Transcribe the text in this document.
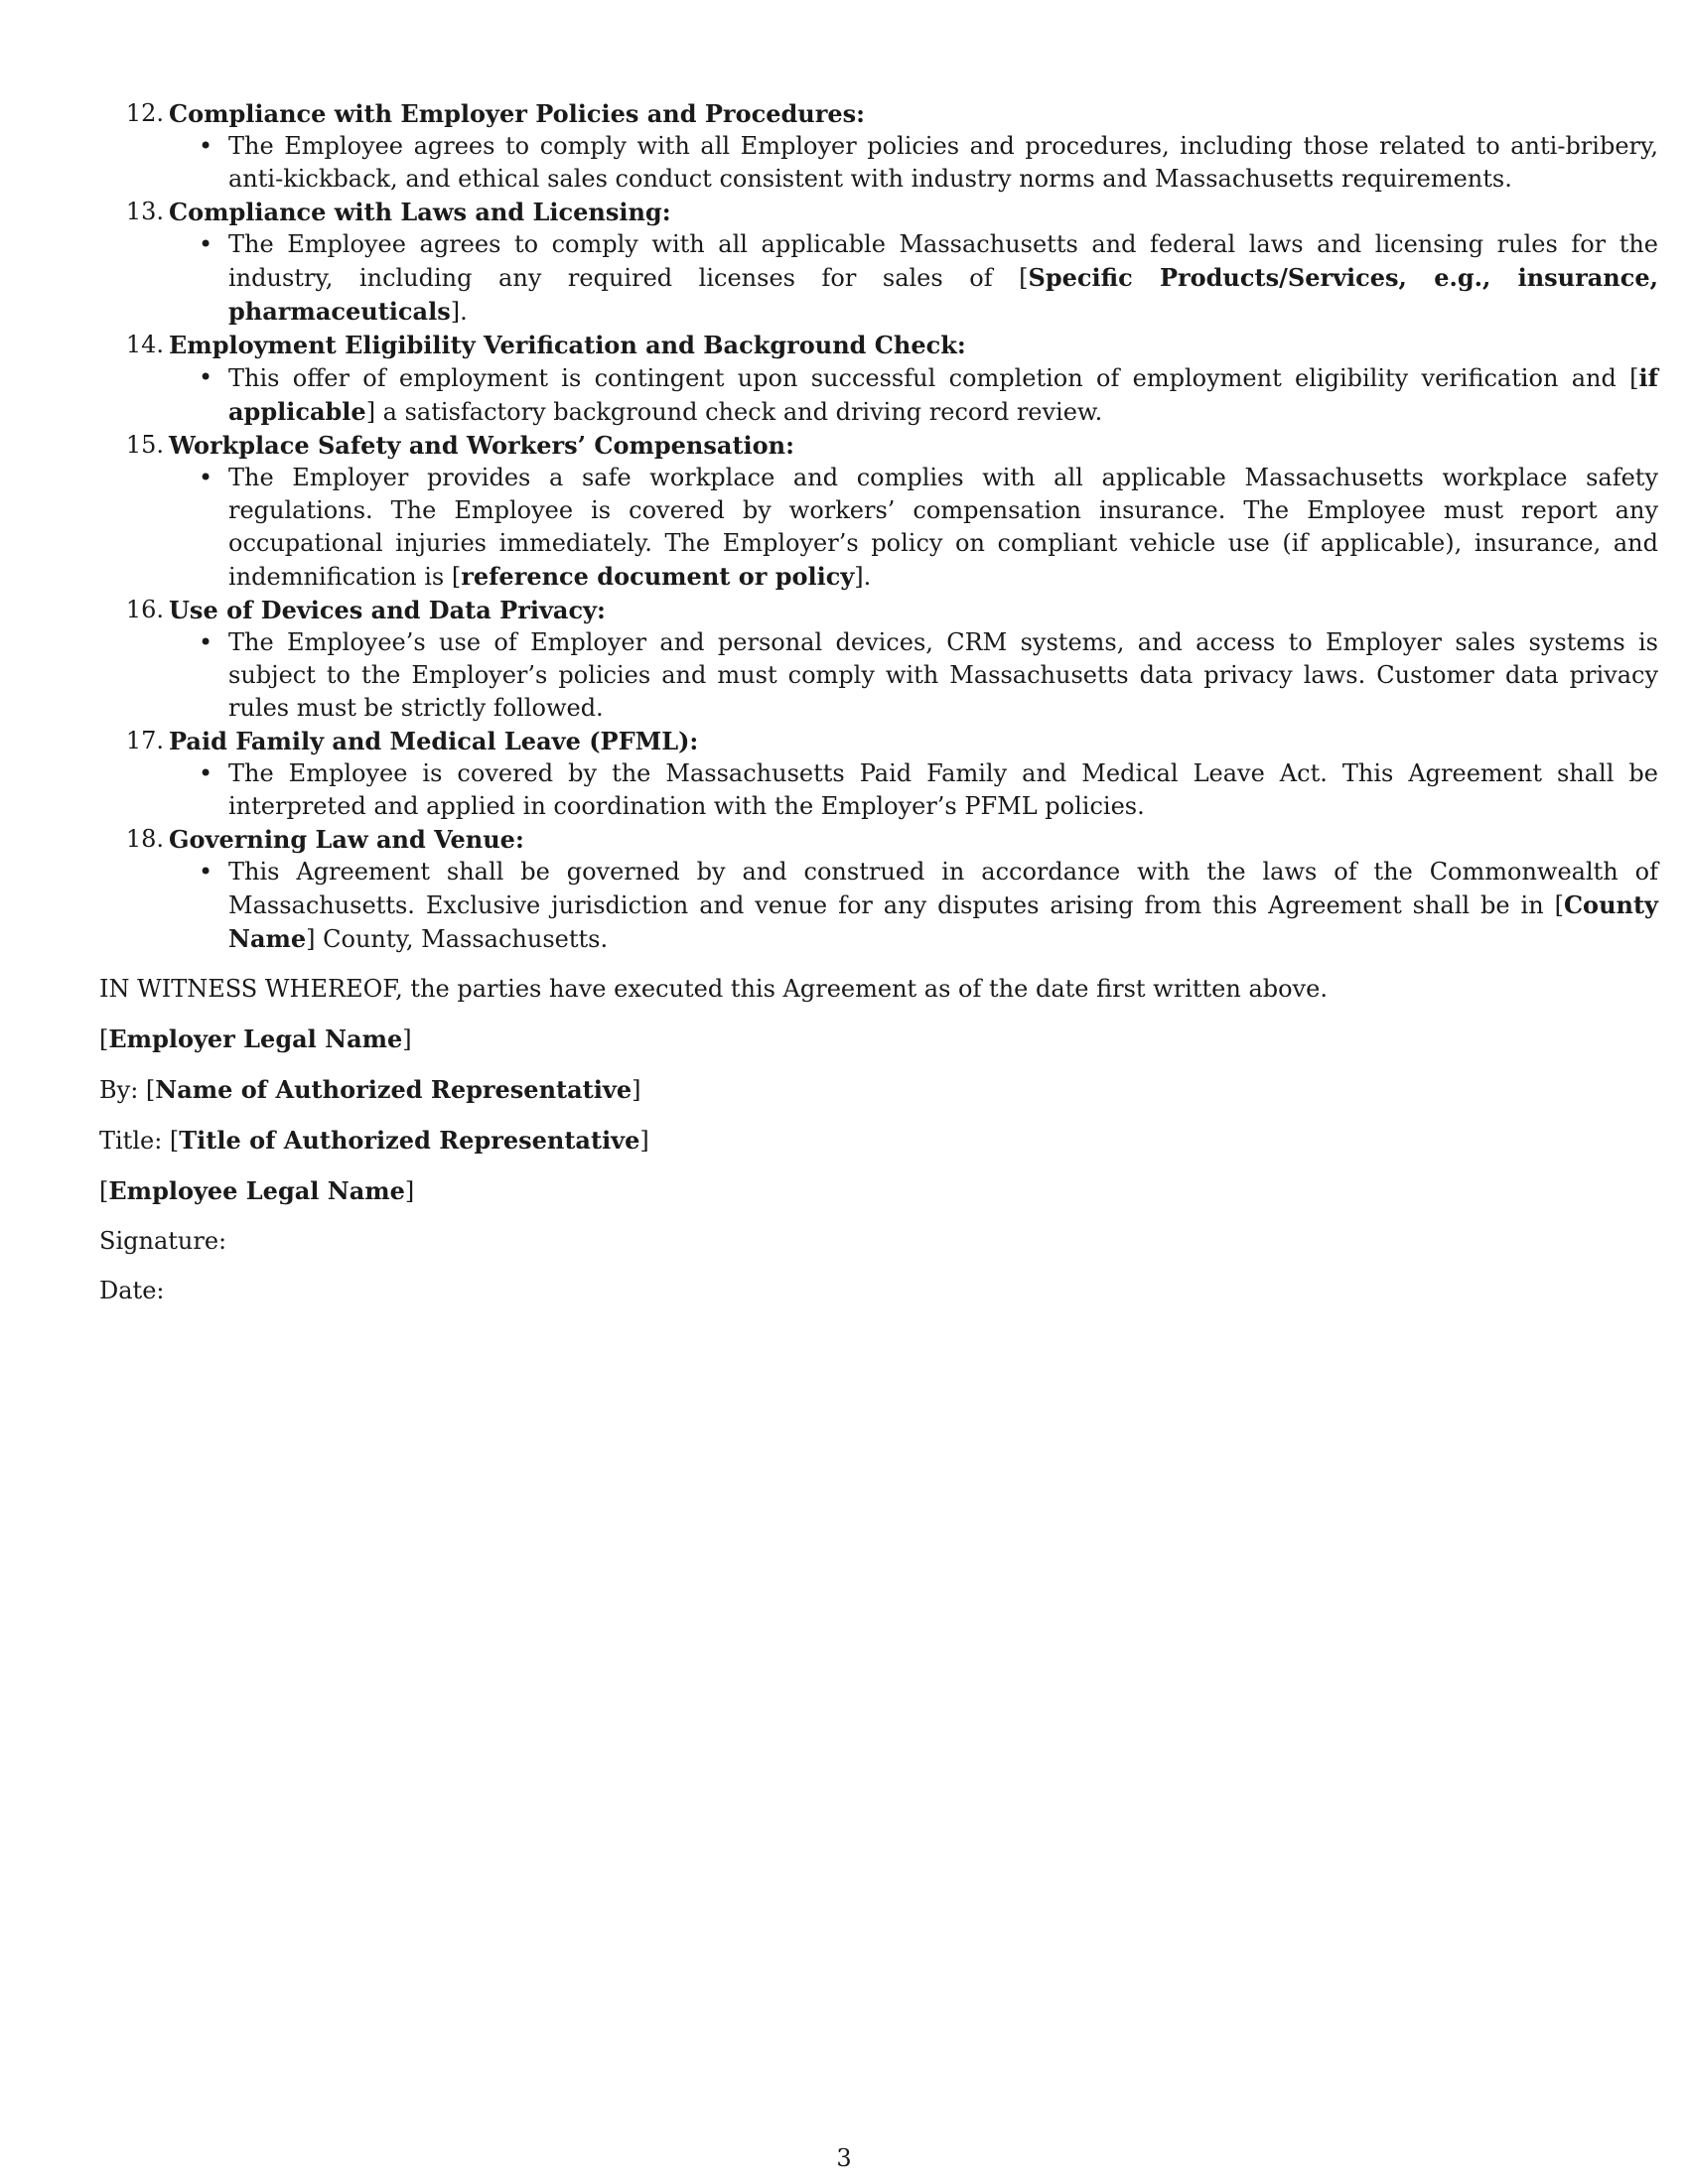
12. Compliance with Employer Policies and Procedures:
• The Employee agrees to comply with all Employer policies and procedures, including those related to anti-bribery, anti-kickback, and ethical sales conduct consistent with industry norms and Massachusetts requirements.
13. Compliance with Laws and Licensing:
• The Employee agrees to comply with all applicable Massachusetts and federal laws and licensing rules for the industry, including any required licenses for sales of [Specific Products/Services, e.g., insurance, pharmaceuticals].
14. Employment Eligibility Verification and Background Check:
• This offer of employment is contingent upon successful completion of employment eligibility verification and [if applicable] a satisfactory background check and driving record review.
15. Workplace Safety and Workers’ Compensation:
• The Employer provides a safe workplace and complies with all applicable Massachusetts workplace safety regulations. The Employee is covered by workers’ compensation insurance. The Employee must report any occupational injuries immediately. The Employer’s policy on compliant vehicle use (if applicable), insurance, and indemnification is [reference document or policy].
16. Use of Devices and Data Privacy:
• The Employee’s use of Employer and personal devices, CRM systems, and access to Employer sales systems is subject to the Employer’s policies and must comply with Massachusetts data privacy laws. Customer data privacy rules must be strictly followed.
17. Paid Family and Medical Leave (PFML):
• The Employee is covered by the Massachusetts Paid Family and Medical Leave Act. This Agreement shall be interpreted and applied in coordination with the Employer’s PFML policies.
18. Governing Law and Venue:
• This Agreement shall be governed by and construed in accordance with the laws of the Commonwealth of Massachusetts. Exclusive jurisdiction and venue for any disputes arising from this Agreement shall be in [County Name] County, Massachusetts.

IN WITNESS WHEREOF, the parties have executed this Agreement as of the date first written above.

[Employer Legal Name]

By: [Name of Authorized Representative]

Title: [Title of Authorized Representative]

[Employee Legal Name]

Signature:

Date:

3
